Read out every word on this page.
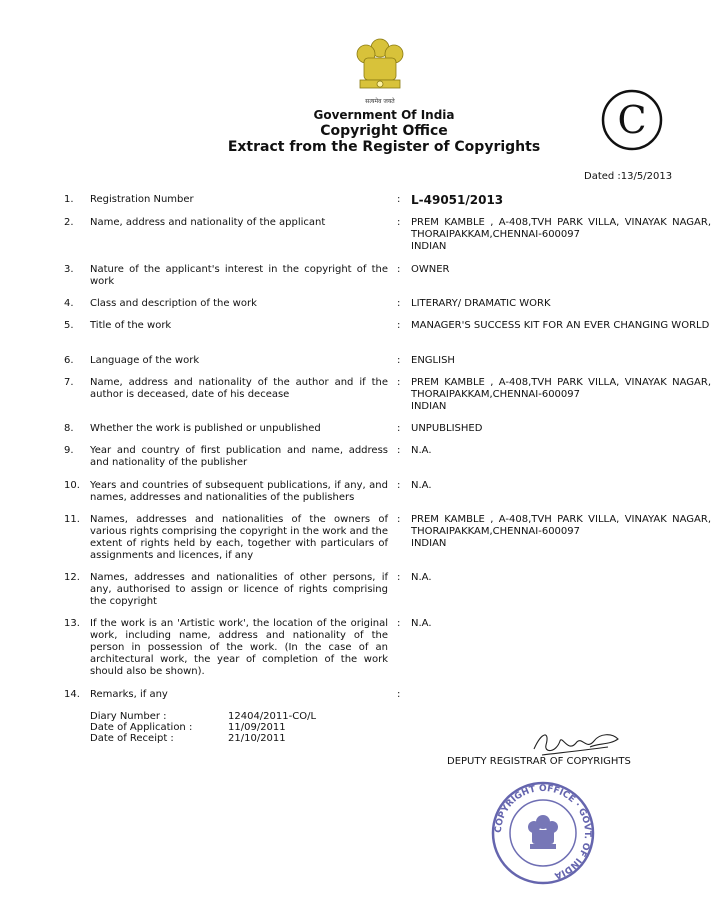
सत्यमेव जयते
Government Of India
Copyright Office
Extract from the Register of Copyrights
C
Dated :13/5/2013
1.	Registration Number	: L-49051/2013
2.	Name, address and nationality of the applicant	: PREM KAMBLE , A-408,TVH PARK VILLA, VINAYAK NAGAR, THORAIPAKKAM,CHENNAI-600097
INDIAN
3.	Nature of the applicant's interest in the copyright of the work
: OWNER
4.	Class and description of the work	: LITERARY/ DRAMATIC WORK
5.	Title of the work	: MANAGER'S SUCCESS KIT FOR AN EVER CHANGING WORLD
6.	Language of the work	: ENGLISH
7.	Name, address and nationality of the author and if the author is deceased, date of his decease
: PREM KAMBLE , A-408,TVH PARK VILLA, VINAYAK NAGAR, THORAIPAKKAM,CHENNAI-600097
INDIAN
8.	Whether the work is published or unpublished	: UNPUBLISHED
9.	Year and country of first publication and name, address and nationality of the publisher
: N.A.
10.	Years and countries of subsequent publications, if any, and names, addresses and nationalities of the publishers
: N.A.
11.	Names, addresses and nationalities of the owners of various rights comprising the copyright in the work and the extent of rights held by each, together with particulars of assignments and licences, if any
: PREM KAMBLE , A-408,TVH PARK VILLA, VINAYAK NAGAR, THORAIPAKKAM,CHENNAI-600097
INDIAN
12.	Names, addresses and nationalities of other persons, if any, authorised to assign or licence of rights comprising the copyright
: N.A.
13.	If the work is an 'Artistic work', the location of the original work, including name, address and nationality of the person in possession of the work. (In the case of an architectural work, the year of completion of the work should also be shown).
: N.A.
14.	Remarks, if any	:
Diary Number :	12404/2011-CO/L
Date of Application :	11/09/2011
Date of Receipt :	21/10/2011
DEPUTY REGISTRAR OF COPYRIGHTS
COPYRIGHT OFFICE · GOVT. OF INDIA
